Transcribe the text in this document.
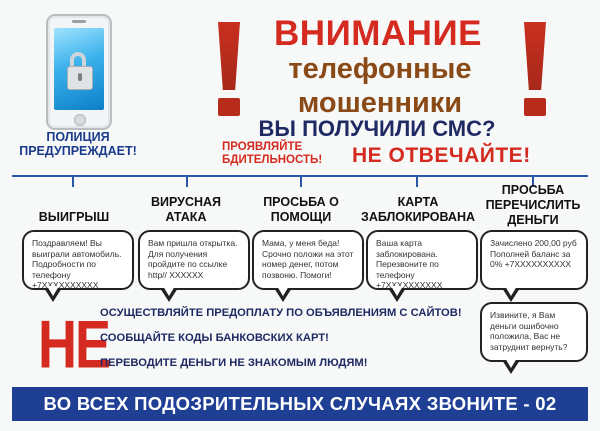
ПОЛИЦИЯ ПРЕДУПРЕЖДАЕТ!
ВНИМАНИЕ
телефонные
мошенники
ВЫ ПОЛУЧИЛИ СМС?
ПРОЯВЛЯЙТЕ БДИТЕЛЬНОСТЬ!	НЕ ОТВЕЧАЙТЕ!
ВЫИГРЫШ
ВИРУСНАЯ АТАКА
ПРОСЬБА О ПОМОЩИ
КАРТА ЗАБЛОКИРОВАНА
ПРОСЬБА ПЕРЕЧИСЛИТЬ ДЕНЬГИ
Поздравляем! Вы выиграли автомобиль. Подробности по телефону +7XXXXXXXXXX
Вам пришла открытка. Для получения пройдите по ссылке http// XXXXXX
Мама, у меня беда! Срочно положи на этот номер денег, потом позвоню. Помоги!
Ваша карта заблокирована. Перезвоните по телефону +7XXXXXXXXXX
Зачислено 200,00 руб Пополней баланс за 0% +7XXXXXXXXXX
Извините, я Вам деньги ошибочно положила, Вас не затруднит вернуть?
НЕ
ОСУЩЕСТВЛЯЙТЕ ПРЕДОПЛАТУ ПО ОБЪЯВЛЕНИЯМ С САЙТОВ!
СООБЩАЙТЕ КОДЫ БАНКОВСКИХ КАРТ!
ПЕРЕВОДИТЕ ДЕНЬГИ НЕ ЗНАКОМЫМ ЛЮДЯМ!
ВО ВСЕХ ПОДОЗРИТЕЛЬНЫХ СЛУЧАЯХ ЗВОНИТЕ - 02
